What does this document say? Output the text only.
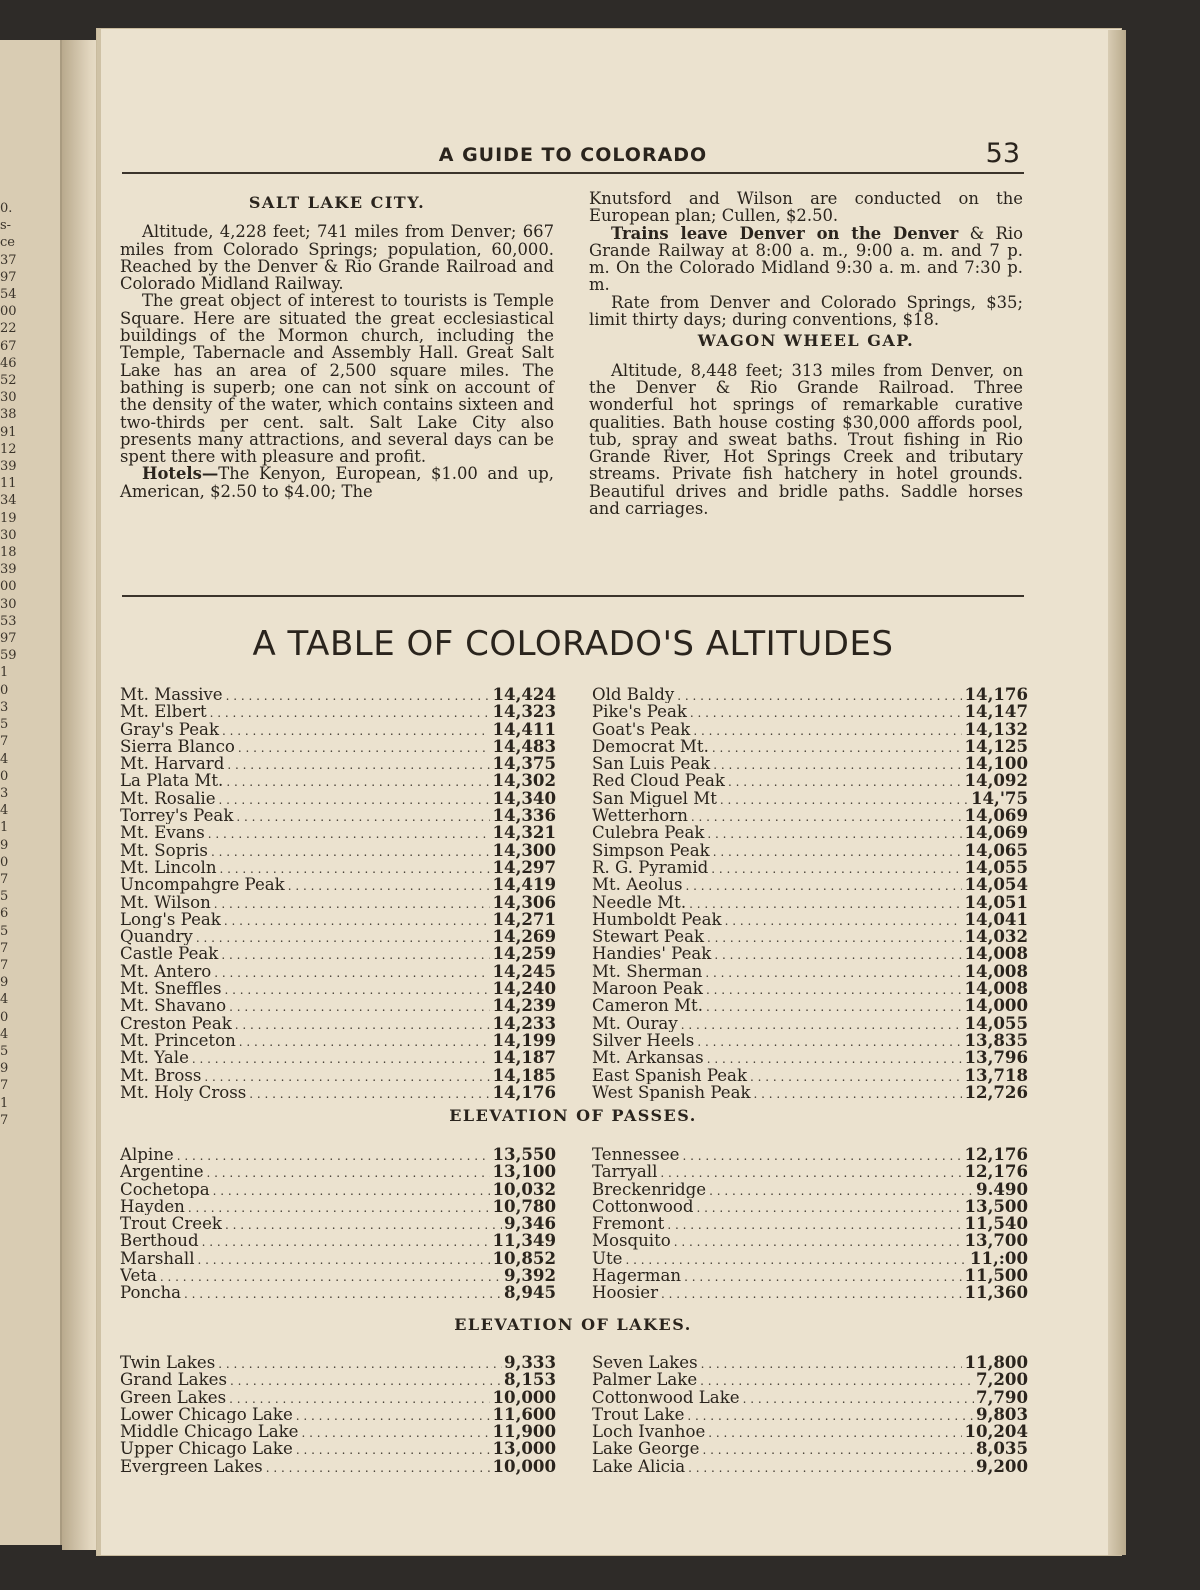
0.
s-
ce
37
97
54
00
22
67
46
52
30
38
91
12
39
11
34
19
30
18
39
00
30
53
97
59
1
0
3
5
7
4
0
3
4
1
9
0
7
5
6
5
7
7
9
4
0
4
5
9
7
1
7
A GUIDE TO COLORADO	53
SALT LAKE CITY.

Altitude, 4,228 feet; 741 miles from Denver; 667 miles from Colorado Springs; population, 60,000. Reached by the Denver & Rio Grande Railroad and Colorado Midland Railway.

The great object of interest to tourists is Temple Square. Here are situated the great ecclesiastical buildings of the Mormon church, including the Temple, Tabernacle and Assembly Hall. Great Salt Lake has an area of 2,500 square miles. The bathing is superb; one can not sink on account of the density of the water, which contains sixteen and two-thirds per cent. salt. Salt Lake City also presents many attractions, and several days can be spent there with pleasure and profit.

Hotels—The Kenyon, European, $1.00 and up, American, $2.50 to $4.00; The

Knutsford and Wilson are conducted on the European plan; Cullen, $2.50.

Trains leave Denver on the Denver & Rio Grande Railway at 8:00 a. m., 9:00 a. m. and 7 p. m. On the Colorado Midland 9:30 a. m. and 7:30 p. m.

Rate from Denver and Colorado Springs, $35; limit thirty days; during conventions, $18.

WAGON WHEEL GAP.

Altitude, 8,448 feet; 313 miles from Denver, on the Denver & Rio Grande Railroad. Three wonderful hot springs of remarkable curative qualities. Bath house costing $30,000 affords pool, tub, spray and sweat baths. Trout fishing in Rio Grande River, Hot Springs Creek and tributary streams. Private fish hatchery in hotel grounds. Beautiful drives and bridle paths. Saddle horses and carriages.

A TABLE OF COLORADO'S ALTITUDES
Mt. Massive . . .	14,424
Mt. Elbert . . .	14,323
Gray's Peak . . .	14,411
Sierra Blanco . . .	14,483
Mt. Harvard . . .	14,375
La Plata Mt. . . .	14,302
Mt. Rosalie . . .	14,340
Torrey's Peak . . .	14,336
Mt. Evans . . .	14,321
Mt. Sopris . . .	14,300
Mt. Lincoln . . .	14,297
Uncompahgre Peak . . .	14,419
Mt. Wilson . . .	14,306
Long's Peak . . .	14,271
Quandry . . .	14,269
Castle Peak . . .	14,259
Mt. Antero . . .	14,245
Mt. Sneffles . . .	14,240
Mt. Shavano . . .	14,239
Creston Peak . . .	14,233
Mt. Princeton . . .	14,199
Mt. Yale . . .	14,187
Mt. Bross . . .	14,185
Mt. Holy Cross . . .	14,176
Old Baldy . . .	14,176
Pike's Peak . . .	14,147
Goat's Peak . . .	14,132
Democrat Mt. . . .	14,125
San Luis Peak . . .	14,100
Red Cloud Peak . . .	14,092
San Miguel Mt . . .	14,'75
Wetterhorn . . .	14,069
Culebra Peak . . .	14,069
Simpson Peak . . .	14,065
R. G. Pyramid . . .	14,055
Mt. Aeolus . . .	14,054
Needle Mt. . . .	14,051
Humboldt Peak . . .	14,041
Stewart Peak . . .	14,032
Handies' Peak . . .	14,008
Mt. Sherman . . .	14,008
Maroon Peak . . .	14,008
Cameron Mt. . . .	14,000
Mt. Ouray . . .	14,055
Silver Heels . . .	13,835
Mt. Arkansas . . .	13,796
East Spanish Peak . . .	13,718
West Spanish Peak . . .	12,726
ELEVATION OF PASSES.
Alpine . . .	13,550
Argentine . . .	13,100
Cochetopa . . .	10,032
Hayden . . .	10,780
Trout Creek . . .	9,346
Berthoud . . .	11,349
Marshall . . .	10,852
Veta . . .	9,392
Poncha . . .	8,945
Tennessee . . .	12,176
Tarryall . . .	12,176
Breckenridge . . .	9.490
Cottonwood . . .	13,500
Fremont . . .	11,540
Mosquito . . .	13,700
Ute . . .	11,:00
Hagerman . . .	11,500
Hoosier . . .	11,360
ELEVATION OF LAKES.
Twin Lakes . . .	9,333
Grand Lakes . . .	8,153
Green Lakes . . .	10,000
Lower Chicago Lake . . .	11,600
Middle Chicago Lake . . .	11,900
Upper Chicago Lake . . .	13,000
Evergreen Lakes . . .	10,000
Seven Lakes . . .	11,800
Palmer Lake . . .	7,200
Cottonwood Lake . . .	7,790
Trout Lake . . .	9,803
Loch Ivanhoe . . .	10,204
Lake George . . .	8,035
Lake Alicia . . .	9,200
